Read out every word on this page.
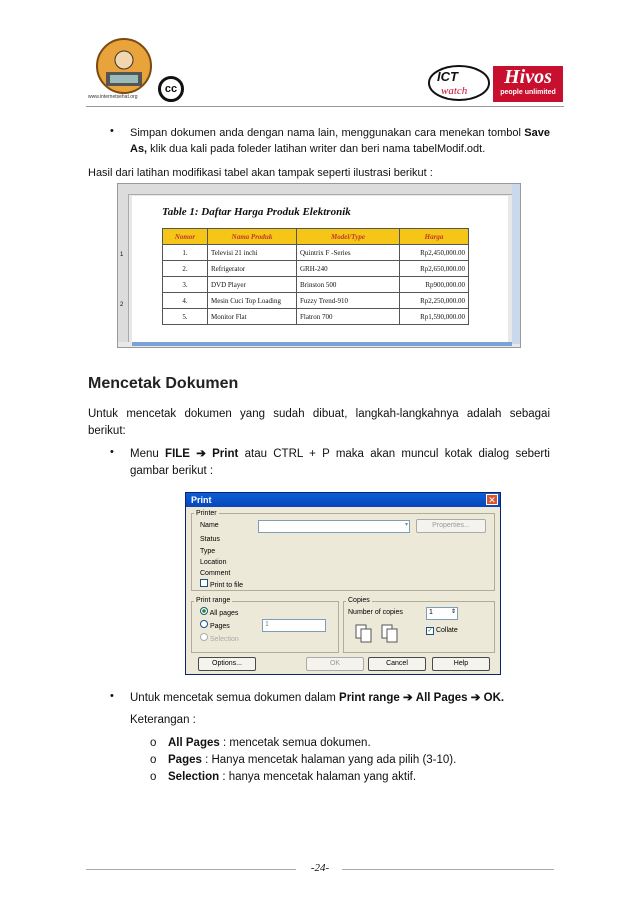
www.internetsehat.org
cc
ICT
watch
Hivos
people unlimited
• Simpan dokumen anda dengan nama lain, menggunakan cara menekan tombol Save As, klik dua kali pada foleder latihan writer dan beri nama tabelModif.odt.
Hasil dari latihan modifikasi tabel akan tampak seperti ilustrasi berikut :
1
2
Table 1: Daftar Harga Produk Elektronik
Nomor	Nama Produk	Model/Type	Harga
1.	Televisi 21 inchi	Quintrix F -Series	Rp2,450,000.00
2.	Refrigerator	GRH-240	Rp2,650,000.00
3.	DVD Player	Brinston 500	Rp900,000.00
4.	Mesin Cuci Top Loading	Fuzzy Trend-910	Rp2,250,000.00
5.	Monitor Flat	Flatron 700	Rp1,590,000.00
Mencetak Dokumen
Untuk mencetak dokumen yang sudah dibuat, langkah-langkahnya adalah sebagai berikut:
• Menu FILE ➔ Print atau CTRL + P maka akan muncul kotak dialog seberti gambar berikut :
Print	✕
Printer
Name	▾	Properties...
Status
Type
Location
Comment
Print to file
Print range
All pages
Pages	1
Selection
Copies
Number of copies	1	⇕
✓ Collate
Options...	OK	Cancel	Help
• Untuk mencetak semua dokumen dalam Print range ➔ All Pages ➔ OK.
Keterangan :
o All Pages : mencetak semua dokumen.
o Pages : Hanya mencetak halaman yang ada pilih (3-10).
o Selection : hanya mencetak halaman yang aktif.
-24-
